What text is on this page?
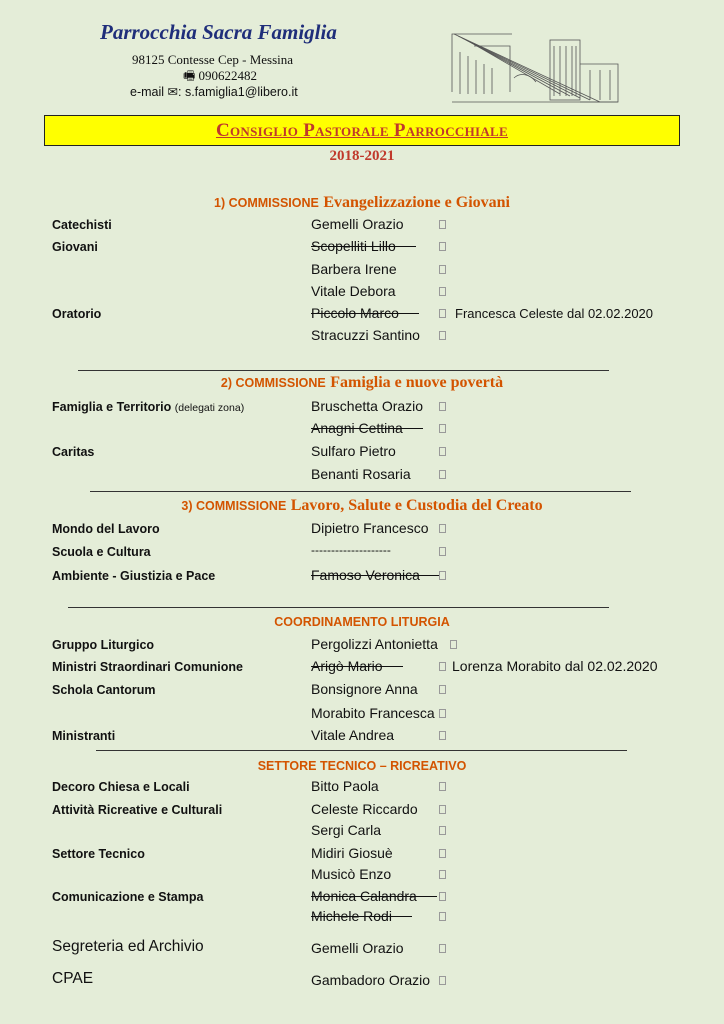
Parrocchia Sacra Famiglia
98125 Contesse Cep - Messina
🖷 090622482
e-mail ✉: s.famiglia1@libero.it
Consiglio Pastorale Parrocchiale
2018-2021
1) COMMISSIONE Evangelizzazione e Giovani
Catechisti	Gemelli Orazio
Giovani	Scopelliti Lillo
Barbera Irene
Vitale Debora
Oratorio	Piccolo Marco	Francesca Celeste dal 02.02.2020
Stracuzzi Santino
2) COMMISSIONE Famiglia e nuove povertà
Famiglia e Territorio (delegati zona)	Bruschetta Orazio
Anagni Cettina
Caritas	Sulfaro Pietro
Benanti Rosaria
3) COMMISSIONE Lavoro, Salute e Custodia del Creato
Mondo del Lavoro	Dipietro Francesco
Scuola e Cultura	--------------------
Ambiente - Giustizia e Pace	Famoso Veronica
COORDINAMENTO LITURGIA
Gruppo Liturgico	Pergolizzi Antonietta
Ministri Straordinari Comunione	Arigò Mario	Lorenza Morabito dal 02.02.2020
Schola Cantorum	Bonsignore Anna
Morabito Francesca
Ministranti	Vitale Andrea
SETTORE TECNICO – RICREATIVO
Decoro Chiesa e Locali	Bitto Paola
Attività Ricreative e Culturali	Celeste Riccardo
Sergi Carla
Settore Tecnico	Midiri Giosuè
Musicò Enzo
Comunicazione e Stampa	Monica Calandra
Michele Rodi
Segreteria ed Archivio	Gemelli Orazio
CPAE	Gambadoro Orazio
